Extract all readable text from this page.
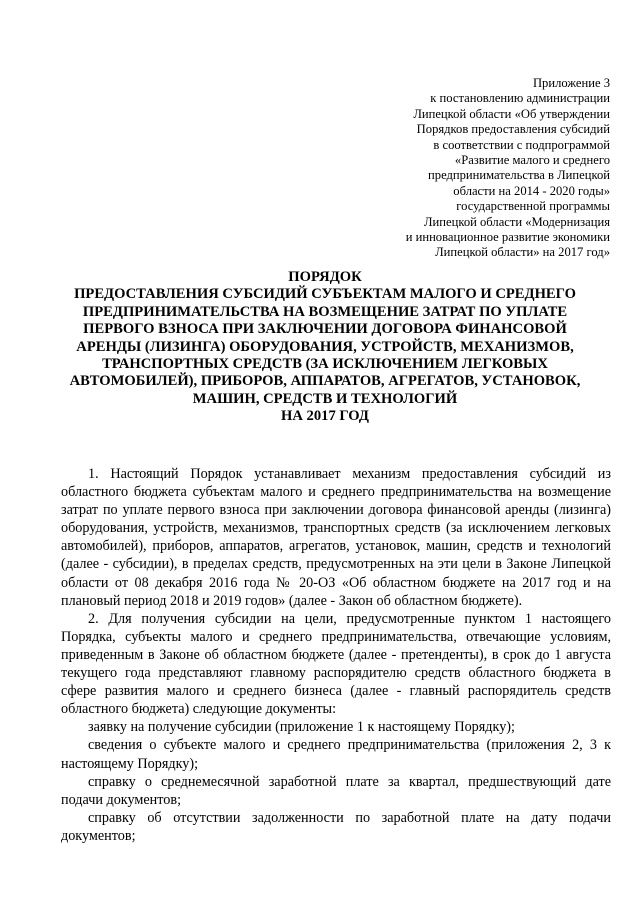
Приложение 3
к постановлению администрации
Липецкой области «Об утверждении
Порядков предоставления субсидий
в соответствии с подпрограммой
«Развитие малого и среднего
предпринимательства в Липецкой
области на 2014 - 2020 годы»
государственной программы
Липецкой области «Модернизация
и инновационное развитие экономики
Липецкой области» на 2017 год»
ПОРЯДОК
ПРЕДОСТАВЛЕНИЯ СУБСИДИЙ СУБЪЕКТАМ МАЛОГО И СРЕДНЕГО
ПРЕДПРИНИМАТЕЛЬСТВА НА ВОЗМЕЩЕНИЕ ЗАТРАТ ПО УПЛАТЕ
ПЕРВОГО ВЗНОСА ПРИ ЗАКЛЮЧЕНИИ ДОГОВОРА ФИНАНСОВОЙ
АРЕНДЫ (ЛИЗИНГА) ОБОРУДОВАНИЯ, УСТРОЙСТВ, МЕХАНИЗМОВ,
ТРАНСПОРТНЫХ СРЕДСТВ (ЗА ИСКЛЮЧЕНИЕМ ЛЕГКОВЫХ
АВТОМОБИЛЕЙ), ПРИБОРОВ, АППАРАТОВ, АГРЕГАТОВ, УСТАНОВОК,
МАШИН, СРЕДСТВ И ТЕХНОЛОГИЙ
НА 2017 ГОД

1. Настоящий Порядок устанавливает механизм предоставления субсидий из областного бюджета субъектам малого и среднего предпринимательства на возмещение затрат по уплате первого взноса при заключении договора финансовой аренды (лизинга) оборудования, устройств, механизмов, транспортных средств (за исключением легковых автомобилей), приборов, аппаратов, агрегатов, установок, машин, средств и технологий (далее - субсидии), в пределах средств, предусмотренных на эти цели в Законе Липецкой области от 08 декабря 2016 года № 20-ОЗ «Об областном бюджете на 2017 год и на плановый период 2018 и 2019 годов» (далее - Закон об областном бюджете).

2. Для получения субсидии на цели, предусмотренные пунктом 1 настоящего Порядка, субъекты малого и среднего предпринимательства, отвечающие условиям, приведенным в Законе об областном бюджете (далее - претенденты), в срок до 1 августа текущего года представляют главному распорядителю средств областного бюджета в сфере развития малого и среднего бизнеса (далее - главный распорядитель средств областного бюджета) следующие документы:

заявку на получение субсидии (приложение 1 к настоящему Порядку);

сведения о субъекте малого и среднего предпринимательства (приложения 2, 3 к настоящему Порядку);

справку о среднемесячной заработной плате за квартал, предшествующий дате подачи документов;

справку об отсутствии задолженности по заработной плате на дату подачи документов;
